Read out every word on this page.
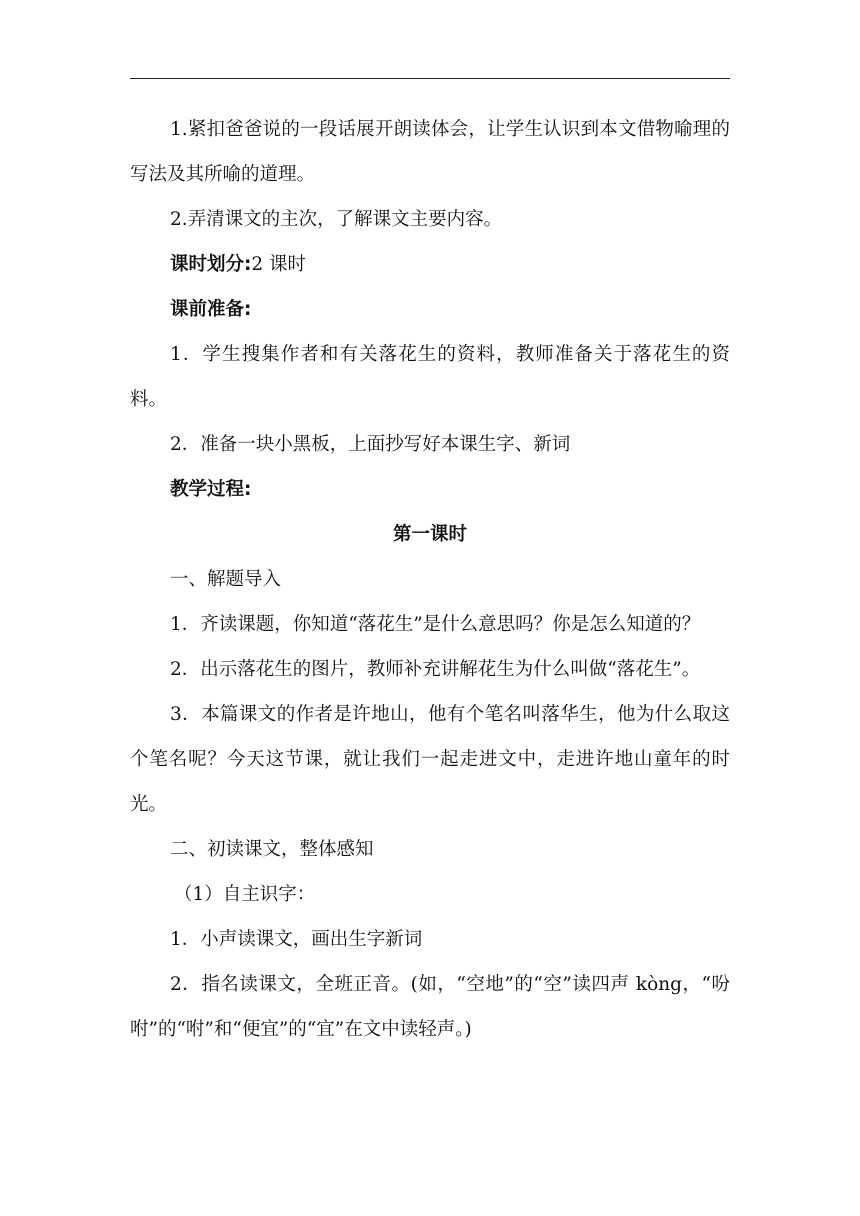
1.紧扣爸爸说的一段话展开朗读体会，让学生认识到本文借物喻理的写法及其所喻的道理。

2.弄清课文的主次，了解课文主要内容。

课时划分:2 课时

课前准备:

1．学生搜集作者和有关落花生的资料，教师准备关于落花生的资料。

2．准备一块小黑板，上面抄写好本课生字、新词

教学过程:

第一课时

一、解题导入

1．齐读课题，你知道“落花生”是什么意思吗？你是怎么知道的？

2．出示落花生的图片，教师补充讲解花生为什么叫做“落花生”。

3．本篇课文的作者是许地山，他有个笔名叫落华生，他为什么取这个笔名呢？今天这节课，就让我们一起走进文中，走进许地山童年的时光。

二、初读课文，整体感知

（1）自主识字：

1．小声读课文，画出生字新词

2．指名读课文，全班正音。(如，“空地”的“空”读四声 kòng，“吩咐”的“咐”和“便宜”的“宜”在文中读轻声。)
